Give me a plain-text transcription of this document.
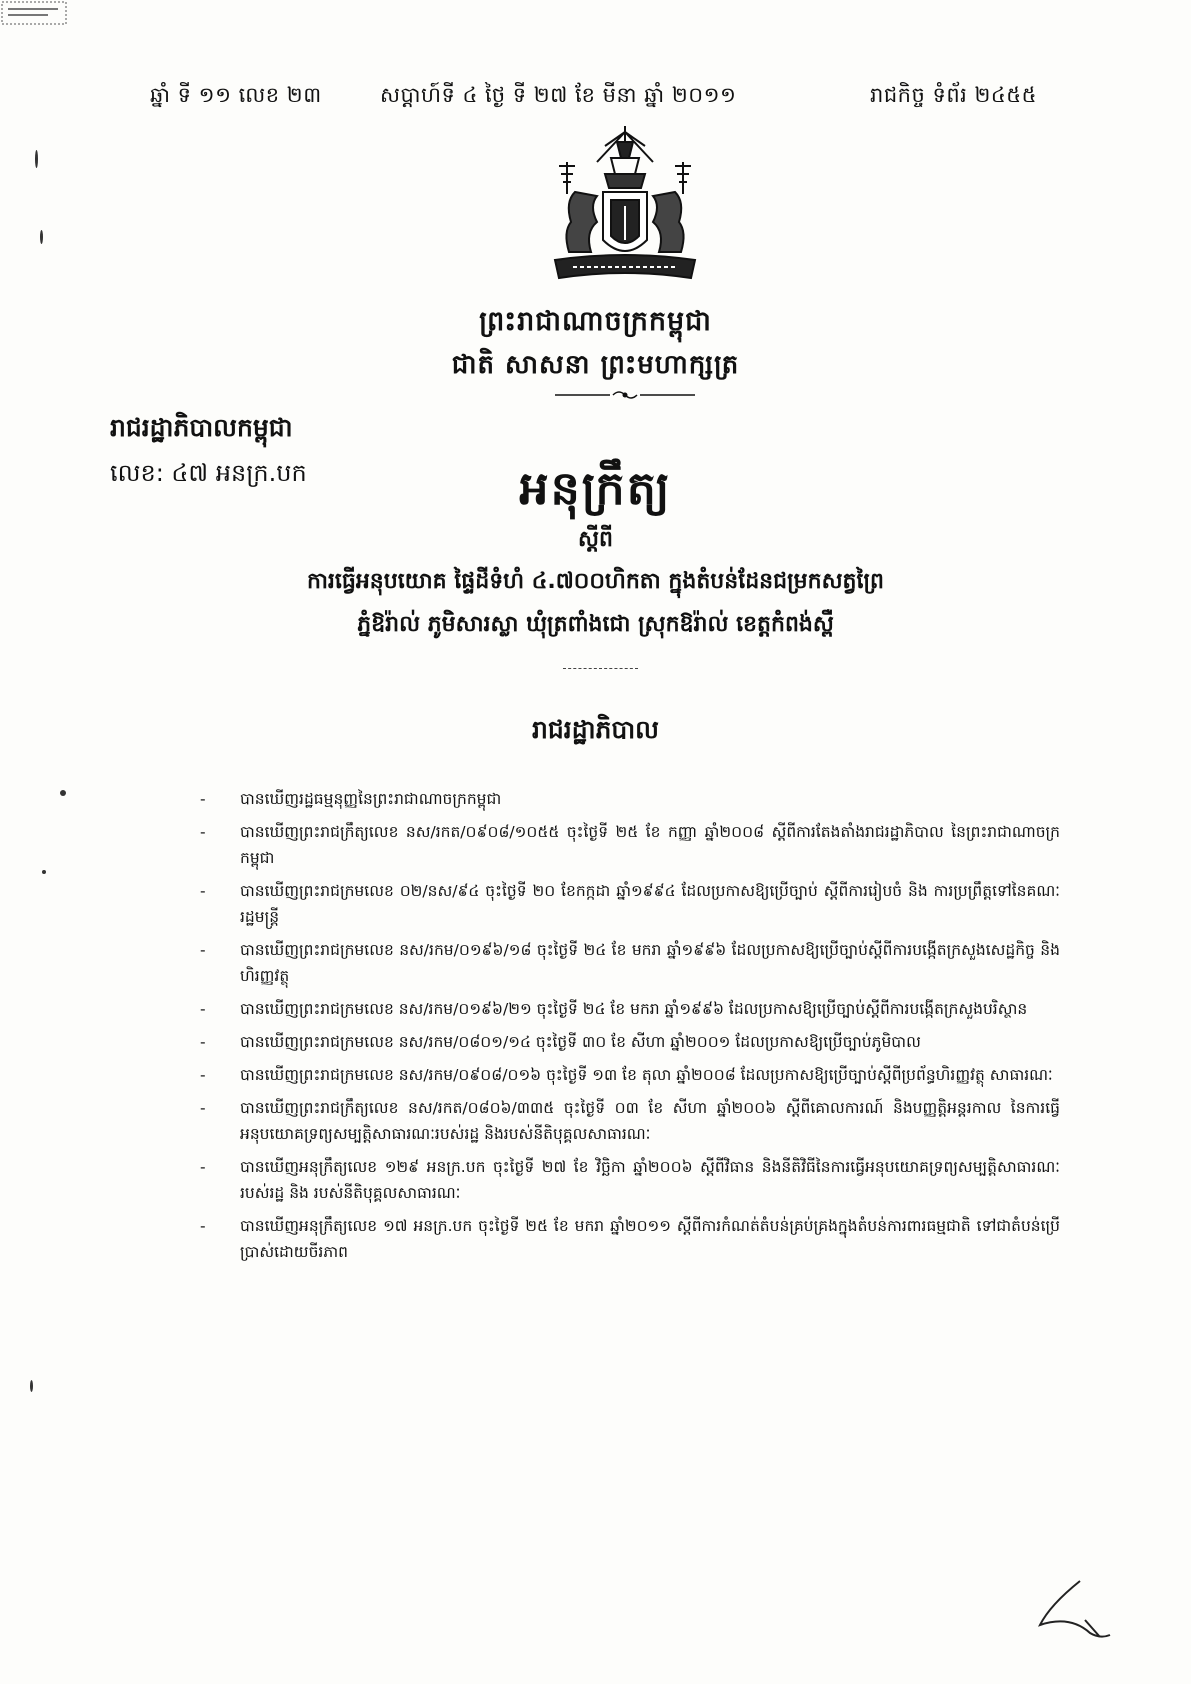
ឆ្នាំ ទី ១១ លេខ ២៣	សប្តាហ៍ទី ៤ ថ្ងៃ ទី ២៧ ខែ មីនា ឆ្នាំ ២០១១	រាជកិច្ច ទំព័រ ២៤៥៥
ព្រះរាជាណាចក្រកម្ពុជា
ជាតិ សាសនា ព្រះមហាក្សត្រ
រាជរដ្ឋាភិបាលកម្ពុជា
លេខ: ៤៧ អនក្រ.បក	អនុក្រឹត្យ
ស្តីពី
ការធ្វើអនុបយោគ ផ្ទៃដីទំហំ ៤.៧០០ហិកតា ក្នុងតំបន់ដែនជម្រកសត្វព្រៃ
ភ្នំឱរ៉ាល់ ភូមិសារស្លា ឃុំត្រពាំងជោ ស្រុកឱរ៉ាល់ ខេត្តកំពង់ស្ពឺ
រាជរដ្ឋាភិបាល
- បានឃើញរដ្ឋធម្មនុញ្ញនៃព្រះរាជាណាចក្រកម្ពុជា
- បានឃើញព្រះរាជក្រឹត្យលេខ នស/រកត/០៩០៨/១០៥៥ ចុះថ្ងៃទី ២៥ ខែ កញ្ញា ឆ្នាំ២០០៨ ស្តីពីការតែងតាំងរាជរដ្ឋាភិបាល នៃព្រះរាជាណាចក្រកម្ពុជា
- បានឃើញព្រះរាជក្រមលេខ ០២/នស/៩៤ ចុះថ្ងៃទី ២០ ខែកក្កដា ឆ្នាំ១៩៩៤ ដែលប្រកាសឱ្យប្រើច្បាប់ ស្តីពីការរៀបចំ និង ការប្រព្រឹត្តទៅនៃគណៈរដ្ឋមន្ត្រី
- បានឃើញព្រះរាជក្រមលេខ នស/រកម/០១៩៦/១៨ ចុះថ្ងៃទី ២៤ ខែ មករា ឆ្នាំ១៩៩៦ ដែលប្រកាសឱ្យប្រើច្បាប់ស្តីពីការបង្កើតក្រសួងសេដ្ឋកិច្ច និង ហិរញ្ញវត្ថុ
- បានឃើញព្រះរាជក្រមលេខ នស/រកម/០១៩៦/២១ ចុះថ្ងៃទី ២៤ ខែ មករា ឆ្នាំ១៩៩៦ ដែលប្រកាសឱ្យប្រើច្បាប់ស្តីពីការបង្កើតក្រសួងបរិស្ថាន
- បានឃើញព្រះរាជក្រមលេខ នស/រកម/០៨០១/១៤ ចុះថ្ងៃទី ៣០ ខែ សីហា ឆ្នាំ២០០១ ដែលប្រកាសឱ្យប្រើច្បាប់ភូមិបាល
- បានឃើញព្រះរាជក្រមលេខ នស/រកម/០៩០៨/០១៦ ចុះថ្ងៃទី ១៣ ខែ តុលា ឆ្នាំ២០០៨ ដែលប្រកាសឱ្យប្រើច្បាប់ស្តីពីប្រព័ន្ធហិរញ្ញវត្ថុ សាធារណៈ
- បានឃើញព្រះរាជក្រឹត្យលេខ នស/រកត/០៨០៦/៣៣៥ ចុះថ្ងៃទី ០៣ ខែ សីហា ឆ្នាំ២០០៦ ស្តីពីគោលការណ៍ និងបញ្ញត្តិអន្តរកាល នៃការធ្វើអនុបយោគទ្រព្យសម្បត្តិសាធារណៈរបស់រដ្ឋ និងរបស់នីតិបុគ្គលសាធារណៈ
- បានឃើញអនុក្រឹត្យលេខ ១២៩ អនក្រ.បក ចុះថ្ងៃទី ២៧ ខែ វិច្ឆិកា ឆ្នាំ២០០៦ ស្តីពីវិធាន និងនីតិវិធីនៃការធ្វើអនុបយោគទ្រព្យសម្បត្តិសាធារណៈរបស់រដ្ឋ និង របស់នីតិបុគ្គលសាធារណៈ
- បានឃើញអនុក្រឹត្យលេខ ១៧ អនក្រ.បក ចុះថ្ងៃទី ២៥ ខែ មករា ឆ្នាំ២០១១ ស្តីពីការកំណត់តំបន់គ្រប់គ្រងក្នុងតំបន់ការពារធម្មជាតិ ទៅជាតំបន់ប្រើប្រាស់ដោយចីរភាព
